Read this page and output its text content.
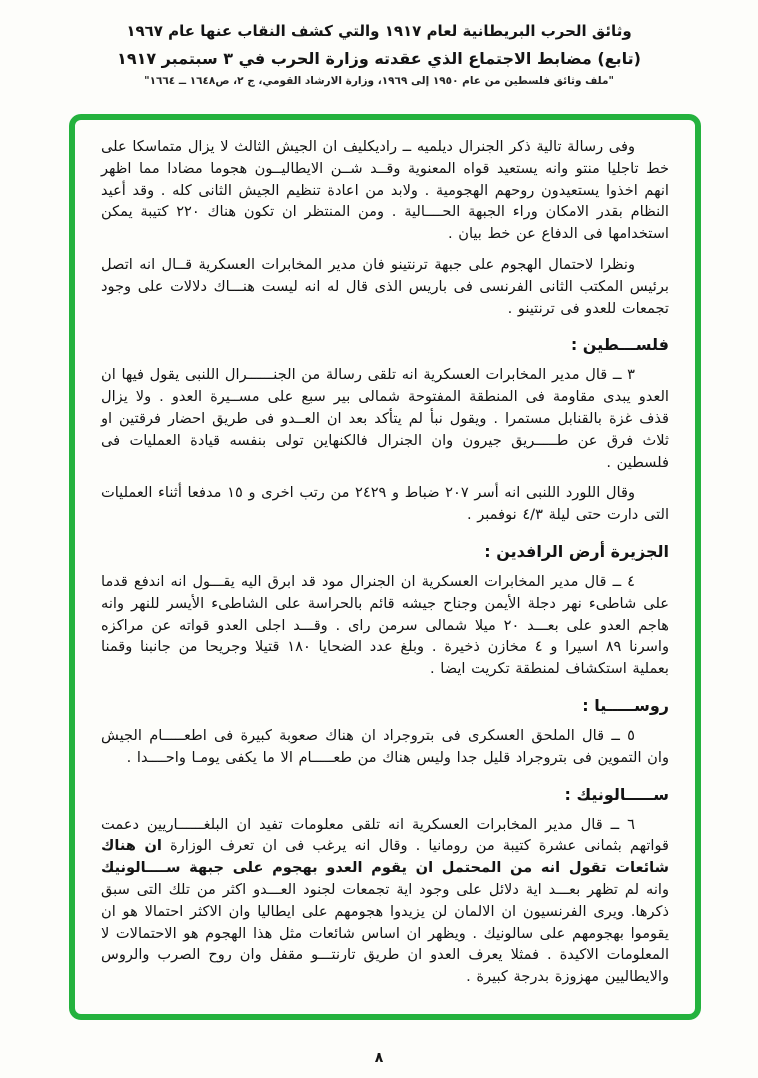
وثائق الحرب البريطانية لعام ١٩١٧ والتي كشف النقاب عنها عام ١٩٦٧
(تابع) مضابط الاجتماع الذي عقدته وزارة الحرب في ٣ سبتمبر ١٩١٧
"ملف وثائق فلسطين من عام ١٩٥٠ إلى ١٩٦٩، وزارة الارشاد القومي، ج ٢، ص١٦٤٨ ــ ١٦٦٤"

وفى رسالة تالية ذكر الجنرال ديلميه ــ راديكليف ان الجيش الثالث لا يزال متماسكا على خط تاجليا منتو وانه يستعيد قواه المعنوية وقــد شــن الايطاليــون هجوما مضادا مما اظهر انهم اخذوا يستعيدون روحهم الهجومية . ولابد من اعادة تنظيم الجيش الثانى كله . وقد أعيد النظام بقدر الامكان وراء الجبهة الحــــالية . ومن المنتظر ان تكون هناك ٢٢٠ كتيبة يمكن استخدامها فى الدفاع عن خط بيان .

ونظرا لاحتمال الهجوم على جبهة ترنتينو فان مدير المخابرات العسكرية قــال انه اتصل برئيس المكتب الثانى الفرنسى فى باريس الذى قال له انه ليست هنـــاك دلالات على وجود تجمعات للعدو فى ترنتينو .

فلســـطين :

٣ ــ قال مدير المخابرات العسكرية انه تلقى رسالة من الجنــــــرال اللنبى يقول فيها ان العدو يبدى مقاومة فى المنطقة المفتوحة شمالى بير سبع على مســيرة العدو . ولا يزال قذف غزة بالقنابل مستمرا . ويقول نبأ لم يتأكد بعد ان العــدو فى طريق احضار فرقتين او ثلاث فرق عن طـــــريق جيرون وان الجنرال فالكنهاين تولى بنفسه قيادة العمليات فى فلسطين .

وقال اللورد اللنبى انه أسر ٢٠٧ ضباط و ٢٤٢٩ من رتب اخرى و ١٥ مدفعا أثناء العمليات التى دارت حتى ليلة ٤/٣ نوفمبر .

الجزيرة أرض الرافدين :

٤ ــ قال مدير المخابرات العسكرية ان الجنرال مود قد ابرق اليه يقـــول انه اندفع قدما على شاطىء نهر دجلة الأيمن وجناح جيشه قائم بالحراسة على الشاطىء الأيسر للنهر وانه هاجم العدو على بعـــد ٢٠ ميلا شمالى سرمن راى . وقـــد اجلى العدو قواته عن مراكزه واسرنا ٨٩ اسيرا و ٤ مخازن ذخيرة . وبلغ عدد الضحايا ١٨٠ قتيلا وجريحا من جانبنا وقمنا بعملية استكشاف لمنطقة تكريت ايضا .

روســـــيا :

٥ ــ قال الملحق العسكرى فى بتروجراد ان هناك صعوبة كبيرة فى اطعـــــام الجيش وان التموين فى بتروجراد قليل جدا وليس هناك من طعـــــام الا ما يكفى يومـا واحــــدا .

ســـــالونيك :

٦ ــ قال مدير المخابرات العسكرية انه تلقى معلومات تفيد ان البلغــــــاريين دعمت قواتهم بثمانى عشرة كتيبة من رومانيا . وقال انه يرغب فى ان تعرف الوزارة ان هناك شائعات تقول انه من المحتمل ان يقوم العدو بهجوم على جبهة ســــالونيك وانه لم تظهر بعـــد اية دلائل على وجود اية تجمعات لجنود العـــدو اكثر من تلك التى سبق ذكرها. ويرى الفرنسيون ان الالمان لن يزيدوا هجومهم على ايطاليا وان الاكثر احتمالا هو ان يقوموا بهجومهم على سالونيك . ويظهر ان اساس شائعات مثل هذا الهجوم هو الاحتمالات لا المعلومات الاكيدة . فمثلا يعرف العدو ان طريق تارنتـــو مقفل وان روح الصرب والروس والايطاليين مهزوزة بدرجة كبيرة .

٨
